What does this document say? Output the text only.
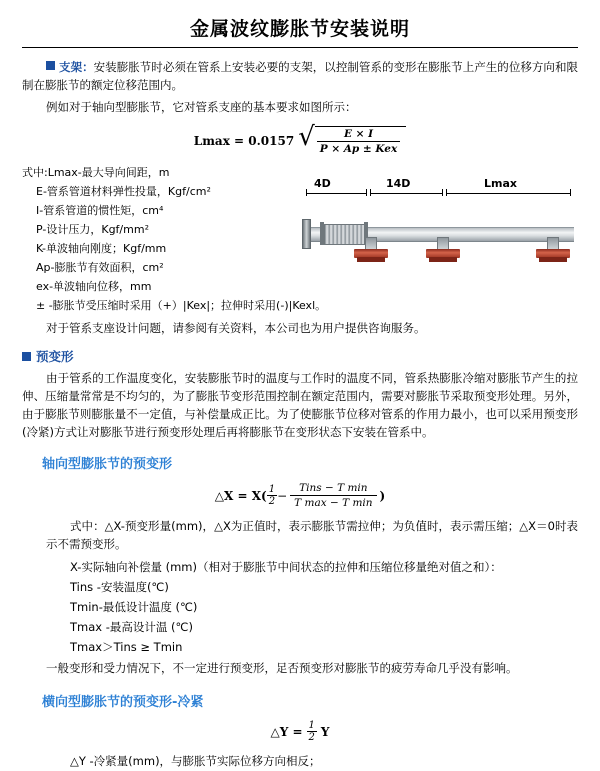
金属波纹膨胀节安装说明

支架：安装膨胀节时必须在管系上安装必要的支架，以控制管系的变形在膨胀节上产生的位移方向和限制在膨胀节的额定位移范围内。

例如对于轴向型膨胀节，它对管系支座的基本要求如图所示：

Lmax = 0.0157 √ $\frac{E \times I}{\text{P × Ap ± Kex}}$
式中:Lmax-最大导向间距，m
E-管系管道材料弹性投量，Kgf/cm²
I-管系管道的惯性矩，cm⁴
P-设计压力，Kgf/mm²
K-单波轴向刚度；Kgf/mm
Ap-膨胀节有效面积，cm²
ex-单波轴向位移，mm
± -膨胀节受压缩时采用（+）|Kex|；拉伸时采用(-)|Kexl。
4D	14D	Lmax

对于管系支座设计问题，请参阅有关资料，本公司也为用户提供咨询服务。

预变形

由于管系的工作温度变化，安装膨胀节时的温度与工作时的温度不同，管系热膨胀冷缩对膨胀节产生的拉伸、压缩量常常是不均匀的，为了膨胀节变形范围控制在额定范围内，需要对膨胀节采取预变形处理。另外，由于膨胀节则膨胀量不一定值，与补偿量成正比。为了使膨胀节位移对管系的作用力最小，也可以采用预变形(冷紧)方式让对膨胀节进行预变形处理后再将膨胀节在变形状态下安装在管系中。

轴向型膨胀节的预变形
△X = $X( \frac{1}{2} - \frac{\text{Tins − T min}}{\text{T max − T min}}$ )

式中：△X-预变形量(mm)，△X为正值时，表示膨胀节需拉伸；为负值时，表示需压缩；△X＝0时表示不需预变形。

X-实际轴向补偿量 (mm)（相对于膨胀节中间状态的拉伸和压缩位移量绝对值之和）：
Tins -安装温度(℃)
Tmin-最低设计温度 (℃)
Tmax -最高设计温 (℃)
Tmax＞Tins ≥ Tmin
一般变形和受力情况下，不一定进行预变形，足否预变形对膨胀节的疲劳寿命几乎没有影响。
横向型膨胀节的预变形-冷紧
△Y = $\frac{1}{2}$ Y
△Y -冷紧量(mm)，与膨胀节实际位移方向相反；
